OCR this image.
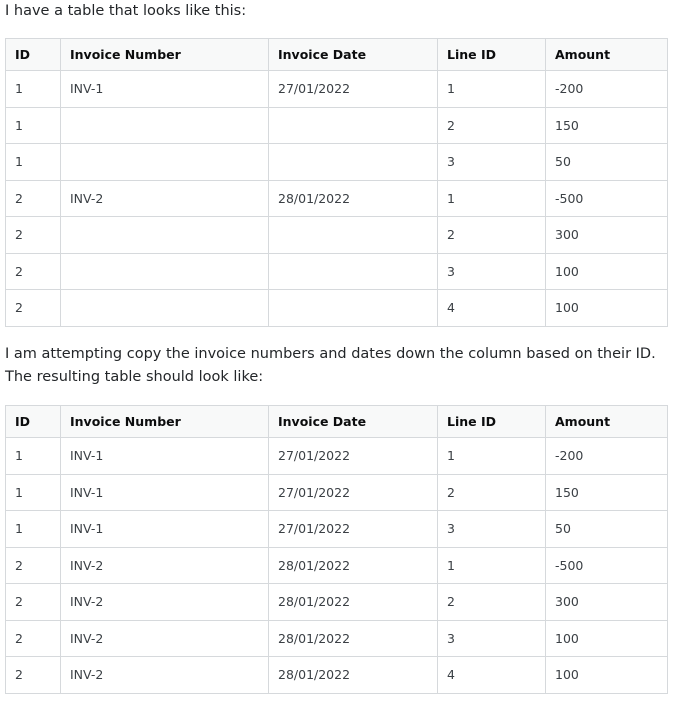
I have a table that looks like this:

ID	Invoice Number	Invoice Date	Line ID	Amount
1	INV-1	27/01/2022	1	-200
1			2	150
1			3	50
2	INV-2	28/01/2022	1	-500
2			2	300
2			3	100
2			4	100

I am attempting copy the invoice numbers and dates down the column based on their ID. The resulting table should look like:

ID	Invoice Number	Invoice Date	Line ID	Amount
1	INV-1	27/01/2022	1	-200
1	INV-1	27/01/2022	2	150
1	INV-1	27/01/2022	3	50
2	INV-2	28/01/2022	1	-500
2	INV-2	28/01/2022	2	300
2	INV-2	28/01/2022	3	100
2	INV-2	28/01/2022	4	100
